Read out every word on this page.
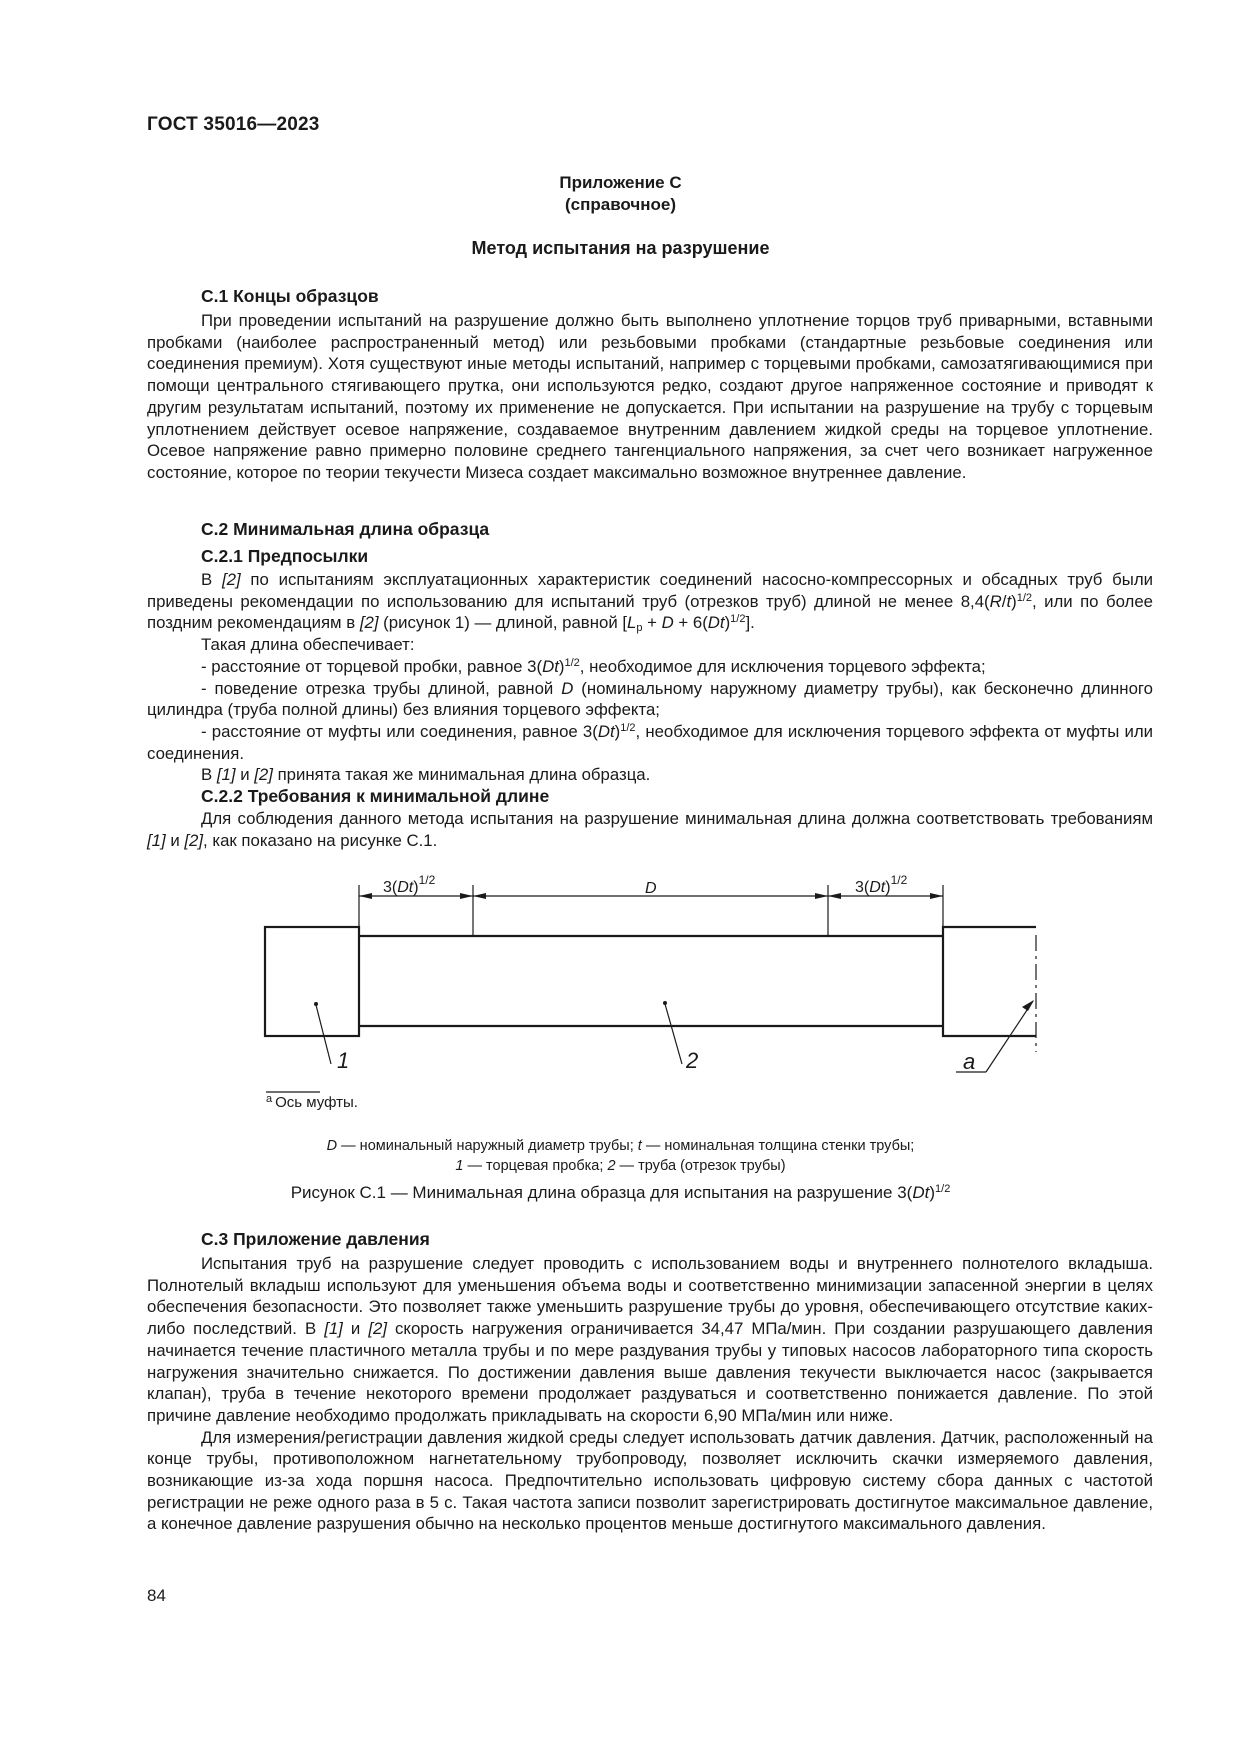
ГОСТ 35016—2023
Приложение С
(справочное)
Метод испытания на разрушение
С.1 Концы образцов

При проведении испытаний на разрушение должно быть выполнено уплотнение торцов труб приварными, вставными пробками (наиболее распространенный метод) или резьбовыми пробками (стандартные резьбовые соединения или соединения премиум). Хотя существуют иные методы испытаний, например с торцевыми пробками, самозатягивающимися при помощи центрального стягивающего прутка, они используются редко, создают другое напряженное состояние и приводят к другим результатам испытаний, поэтому их применение не допускается. При испытании на разрушение на трубу с торцевым уплотнением действует осевое напряжение, создаваемое внутренним давлением жидкой среды на торцевое уплотнение. Осевое напряжение равно примерно половине среднего тангенциального напряжения, за счет чего возникает нагруженное состояние, которое по теории текучести Мизеса создает максимально возможное внутреннее давление.

С.2 Минимальная длина образца
С.2.1 Предпосылки

В [2] по испытаниям эксплуатационных характеристик соединений насосно-компрессорных и обсадных труб были приведены рекомендации по использованию для испытаний труб (отрезков труб) длиной не менее $8,4(R/t)^{1/2}$, или по более поздним рекомендациям в [2] (рисунок 1) — длиной, равной $[L_p + D + 6(Dt)^{1/2}]$.

Такая длина обеспечивает:

- расстояние от торцевой пробки, равное $3(Dt)^{1/2}$, необходимое для исключения торцевого эффекта;

- поведение отрезка трубы длиной, равной D (номинальному наружному диаметру трубы), как бесконечно длинного цилиндра (труба полной длины) без влияния торцевого эффекта;

- расстояние от муфты или соединения, равное $3(Dt)^{1/2}$, необходимое для исключения торцевого эффекта от муфты или соединения.

В [1] и [2] принята такая же минимальная длина образца.

С.2.2 Требования к минимальной длине

Для соблюдения данного метода испытания на разрушение минимальная длина должна соответствовать требованиям [1] и [2], как показано на рисунке С.1.

$3(Dt)^{1/2}$	D	$3(Dt)^{1/2}$
1	2	a
$^a$ Ось муфты.
D — номинальный наружный диаметр трубы; t — номинальная толщина стенки трубы;
1 — торцевая пробка; 2 — труба (отрезок трубы)
Рисунок С.1 — Минимальная длина образца для испытания на разрушение $3(Dt)^{1/2}$
С.3 Приложение давления

Испытания труб на разрушение следует проводить с использованием воды и внутреннего полнотелого вкладыша. Полнотелый вкладыш используют для уменьшения объема воды и соответственно минимизации запасенной энергии в целях обеспечения безопасности. Это позволяет также уменьшить разрушение трубы до уровня, обеспечивающего отсутствие каких-либо последствий. В [1] и [2] скорость нагружения ограничивается 34,47 МПа/мин. При создании разрушающего давления начинается течение пластичного металла трубы и по мере раздувания трубы у типовых насосов лабораторного типа скорость нагружения значительно снижается. По достижении давления выше давления текучести выключается насос (закрывается клапан), труба в течение некоторого времени продолжает раздуваться и соответственно понижается давление. По этой причине давление необходимо продолжать прикладывать на скорости 6,90 МПа/мин или ниже.

Для измерения/регистрации давления жидкой среды следует использовать датчик давления. Датчик, расположенный на конце трубы, противоположном нагнетательному трубопроводу, позволяет исключить скачки измеряемого давления, возникающие из-за хода поршня насоса. Предпочтительно использовать цифровую систему сбора данных с частотой регистрации не реже одного раза в 5 с. Такая частота записи позволит зарегистрировать достигнутое максимальное давление, а конечное давление разрушения обычно на несколько процентов меньше достигнутого максимального давления.

84
